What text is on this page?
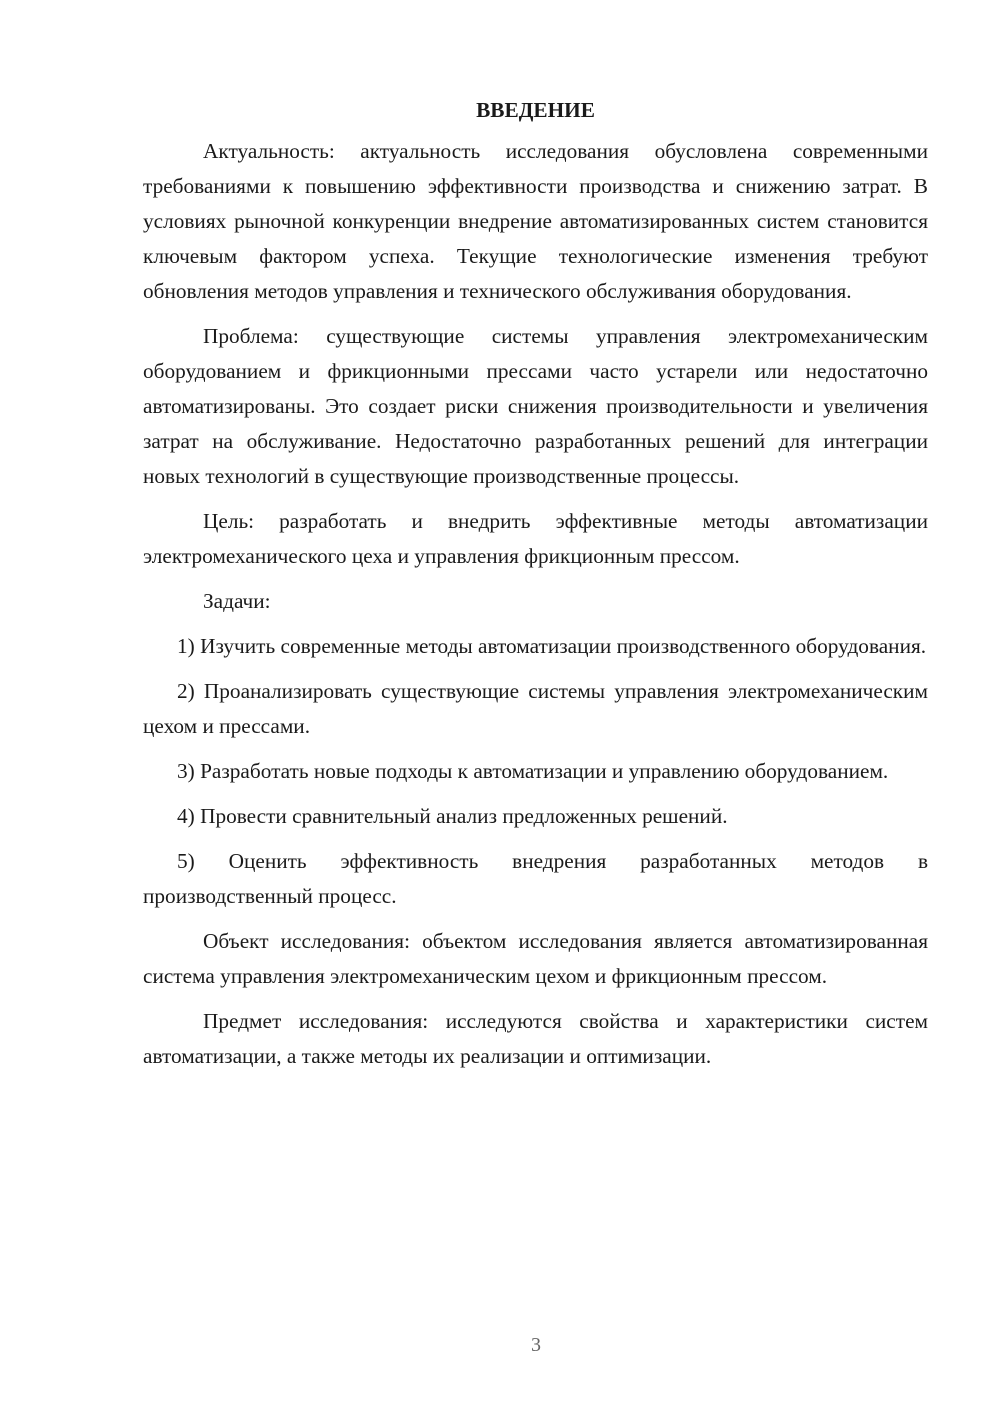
ВВЕДЕНИЕ

Актуальность: актуальность исследования обусловлена современными требованиями к повышению эффективности производства и снижению затрат. В условиях рыночной конкуренции внедрение автоматизированных систем становится ключевым фактором успеха. Текущие технологические изменения требуют обновления методов управления и технического обслуживания оборудования.

Проблема: существующие системы управления электромеханическим оборудованием и фрикционными прессами часто устарели или недостаточно автоматизированы. Это создает риски снижения производительности и увеличения затрат на обслуживание. Недостаточно разработанных решений для интеграции новых технологий в существующие производственные процессы.

Цель: разработать и внедрить эффективные методы автоматизации электромеханического цеха и управления фрикционным прессом.

Задачи:

1) Изучить современные методы автоматизации производственного оборудования.

2) Проанализировать существующие системы управления электромеханическим цехом и прессами.

3) Разработать новые подходы к автоматизации и управлению оборудованием.

4) Провести сравнительный анализ предложенных решений.

5) Оценить эффективность внедрения разработанных методов в производственный процесс.

Объект исследования: объектом исследования является автоматизированная система управления электромеханическим цехом и фрикционным прессом.

Предмет исследования: исследуются свойства и характеристики систем автоматизации, а также методы их реализации и оптимизации.

3
